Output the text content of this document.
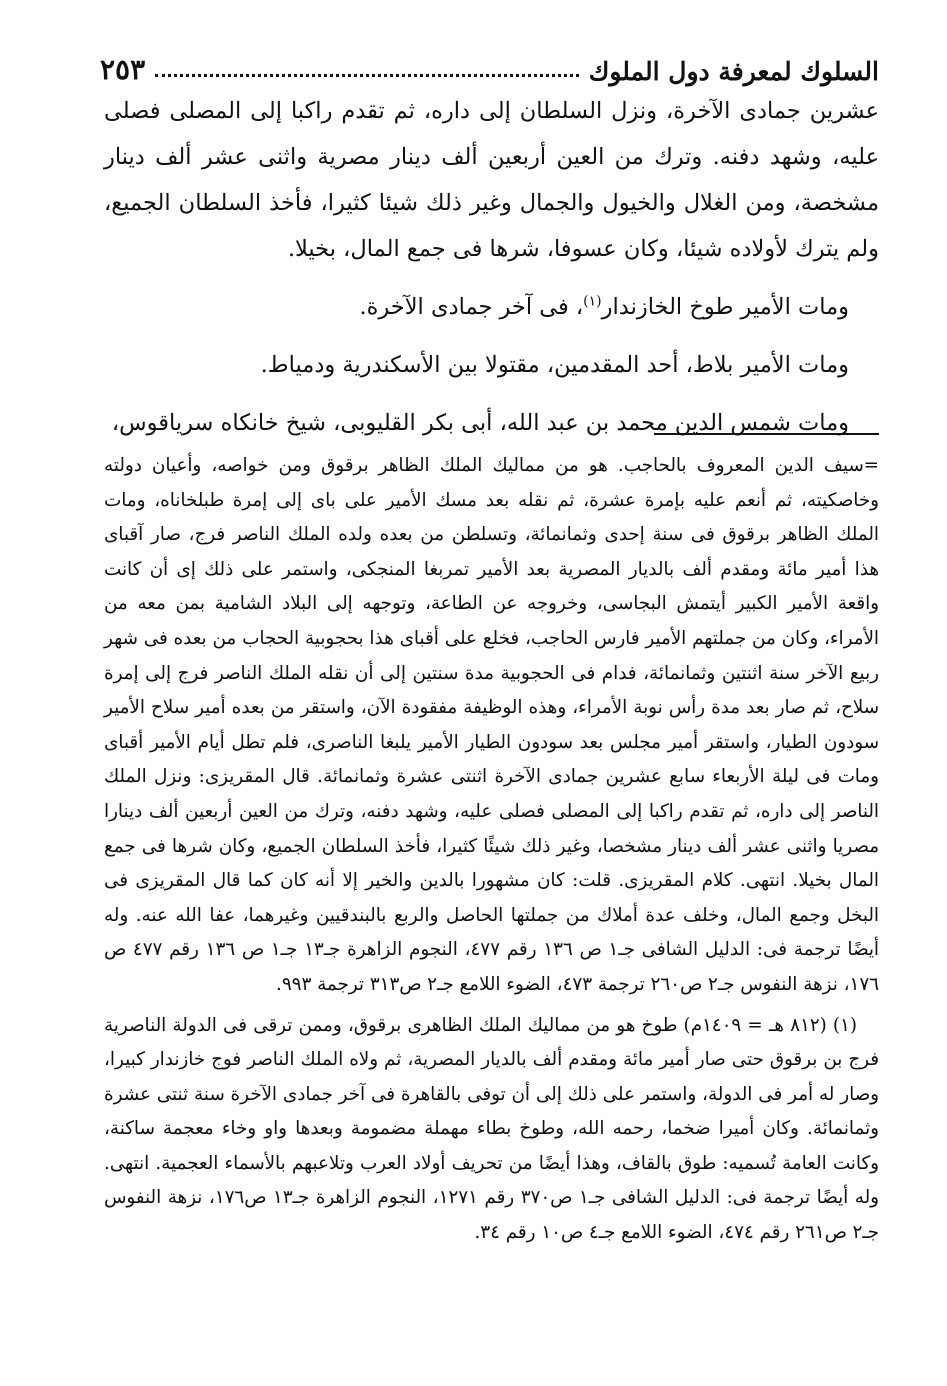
السلوك لمعرفة دول الملوك
٢٥٣

عشرين جمادى الآخرة، ونزل السلطان إلى داره، ثم تقدم راكبا إلى المصلى فصلى عليه، وشهد دفنه. وترك من العين أربعين ألف دينار مصرية واثنى عشر ألف دينار مشخصة، ومن الغلال والخيول والجمال وغير ذلك شيئا كثيرا، فأخذ السلطان الجميع، ولم يترك لأولاده شيئا، وكان عسوفا، شرها فى جمع المال، بخيلا.

ومات الأمير طوخ الخازندار$^{(١)}$، فى آخر جمادى الآخرة.

ومات الأمير بلاط، أحد المقدمين، مقتولا بين الأسكندرية ودمياط.

ومات شمس الدين محمد بن عبد الله، أبى بكر القليوبى، شيخ خانكاه سرياقوس،

=سيف الدين المعروف بالحاجب. هو من مماليك الملك الظاهر برقوق ومن خواصه، وأعيان دولته وخاصكيته، ثم أنعم عليه بإمرة عشرة، ثم نقله بعد مسك الأمير على باى إلى إمرة طبلخاناه، ومات الملك الظاهر برقوق فى سنة إحدى وثمانمائة، وتسلطن من بعده ولده الملك الناصر فرج، صار آقباى هذا أمير مائة ومقدم ألف بالديار المصرية بعد الأمير تمربغا المنجكى، واستمر على ذلك إى أن كانت واقعة الأمير الكبير أيتمش البجاسى، وخروجه عن الطاعة، وتوجهه إلى البلاد الشامية بمن معه من الأمراء، وكان من جملتهم الأمير فارس الحاجب، فخلع على أقباى هذا بحجوبية الحجاب من بعده فى شهر ربيع الآخر سنة اثنتين وثمانمائة، فدام فى الحجوبية مدة سنتين إلى أن نقله الملك الناصر فرج إلى إمرة سلاح، ثم صار بعد مدة رأس نوبة الأمراء، وهذه الوظيفة مفقودة الآن، واستقر من بعده أمير سلاح الأمير سودون الطيار، واستقر أمير مجلس بعد سودون الطيار الأمير يلبغا الناصرى، فلم تطل أيام الأمير أقباى ومات فى ليلة الأربعاء سابع عشرين جمادى الآخرة اثنتى عشرة وثمانمائة. قال المقريزى: ونزل الملك الناصر إلى داره، ثم تقدم راكبا إلى المصلى فصلى عليه، وشهد دفنه، وترك من العين أربعين ألف دينارا مصريا واثنى عشر ألف دينار مشخصا، وغير ذلك شيئًا كثيرا، فأخذ السلطان الجميع، وكان شرها فى جمع المال بخيلا. انتهى. كلام المقريزى. قلت: كان مشهورا بالدين والخير إلا أنه كان كما قال المقريزى فى البخل وجمع المال، وخلف عدة أملاك من جملتها الحاصل والربع بالبندقيين وغيرهما، عفا الله عنه. وله أيضًا ترجمة فى: الدليل الشافى جـ١ ص ١٣٦ رقم ٤٧٧، النجوم الزاهرة جـ١٣ جـ١ ص ١٣٦ رقم ٤٧٧ ص ١٧٦، نزهة النفوس جـ٢ ص٢٦٠ ترجمة ٤٧٣، الضوء اللامع جـ٢ ص٣١٣ ترجمة ٩٩٣.

(١) (٨١٢ هـ = ١٤٠٩م) طوخ هو من مماليك الملك الظاهرى برقوق، وممن ترقى فى الدولة الناصرية فرج بن برقوق حتى صار أمير مائة ومقدم ألف بالديار المصرية، ثم ولاه الملك الناصر فوج خازندار كبيرا، وصار له أمر فى الدولة، واستمر على ذلك إلى أن توفى بالقاهرة فى آخر جمادى الآخرة سنة ثنتى عشرة وثمانمائة. وكان أميرا ضخما، رحمه الله، وطوخ بطاء مهملة مضمومة وبعدها واو وخاء معجمة ساكنة، وكانت العامة تُسميه: طوق بالقاف، وهذا أيضًا من تحريف أولاد العرب وتلاعبهم بالأسماء العجمية. انتهى. وله أيضًا ترجمة فى: الدليل الشافى جـ١ ص٣٧٠ رقم ١٢٧١، النجوم الزاهرة جـ١٣ ص١٧٦، نزهة النفوس جـ٢ ص٢٦١ رقم ٤٧٤، الضوء اللامع جـ٤ ص١٠ رقم ٣٤.
